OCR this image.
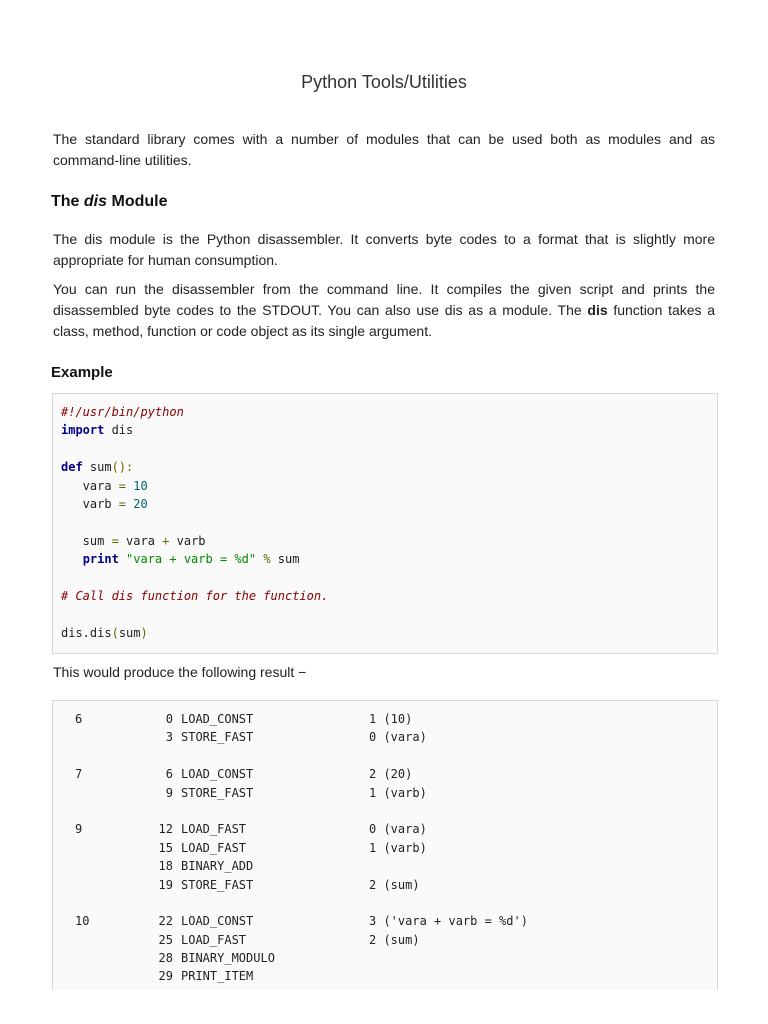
Python Tools/Utilities

The standard library comes with a number of modules that can be used both as modules and as command-line utilities.

The dis Module

The dis module is the Python disassembler. It converts byte codes to a format that is slightly more appropriate for human consumption.

You can run the disassembler from the command line. It compiles the given script and prints the disassembled byte codes to the STDOUT. You can also use dis as a module. The dis function takes a class, method, function or code object as its single argument.

Example
#!/usr/bin/python
import dis
def sum():
vara = 10
varb = 20
sum = vara + varb
print "vara + varb = %d" % sum
# Call dis function for the function.
dis.dis(sum)

This would produce the following result −

6	0 LOAD_CONST	1 (10)
3 STORE_FAST	0 (vara)
7	6 LOAD_CONST	2 (20)
9 STORE_FAST	1 (varb)
9	12 LOAD_FAST	0 (vara)
15 LOAD_FAST	1 (varb)
18 BINARY_ADD
19 STORE_FAST	2 (sum)
10	22 LOAD_CONST	3 ('vara + varb = %d')
25 LOAD_FAST	2 (sum)
28 BINARY_MODULO
29 PRINT_ITEM
